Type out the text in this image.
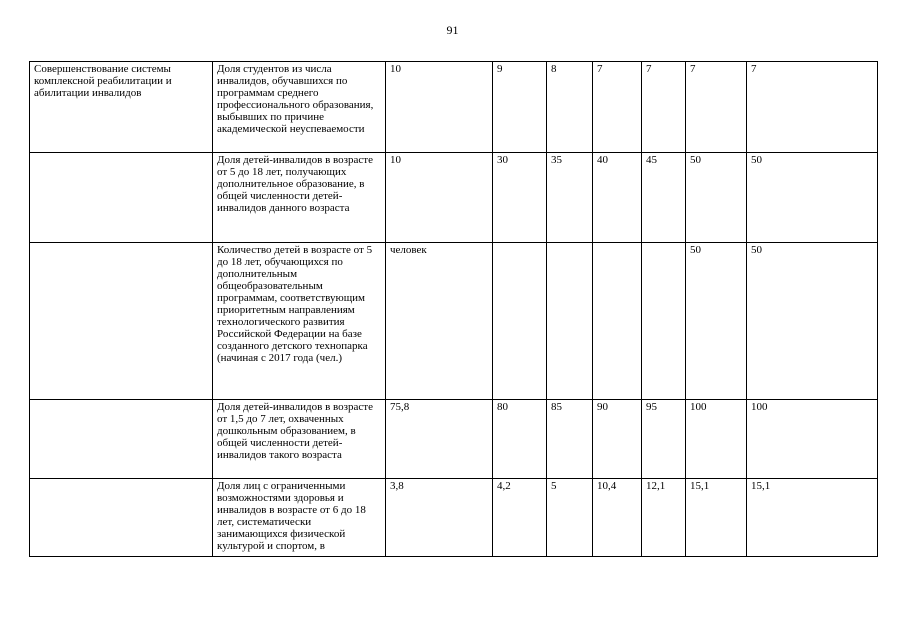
91
Совершенствование системы комплексной реабилитации и абилитации инвалидов	Доля студентов из числа инвалидов, обучавшихся по программам среднего профессионального образования, выбывших по причине академической неуспеваемости	10	9	8	7	7	7	7
	Доля детей-инвалидов в возрасте от 5 до 18 лет, получающих дополнительное образование, в общей численности детей-инвалидов данного возраста	10	30	35	40	45	50	50
	Количество детей в возрасте от 5 до 18 лет, обучающихся по дополнительным общеобразовательным программам, соответствующим приоритетным направлениям технологического развития Российской Федерации на базе созданного детского технопарка (начиная с 2017 года (чел.)	человек					50	50
	Доля детей-инвалидов в возрасте от 1,5 до 7 лет, охваченных дошкольным образованием, в общей численности детей-инвалидов такого возраста	75,8	80	85	90	95	100	100
	Доля лиц с ограниченными возможностями здоровья и инвалидов в возрасте от 6 до 18 лет, систематически занимающихся физической культурой и спортом, в	3,8	4,2	5	10,4	12,1	15,1	15,1
